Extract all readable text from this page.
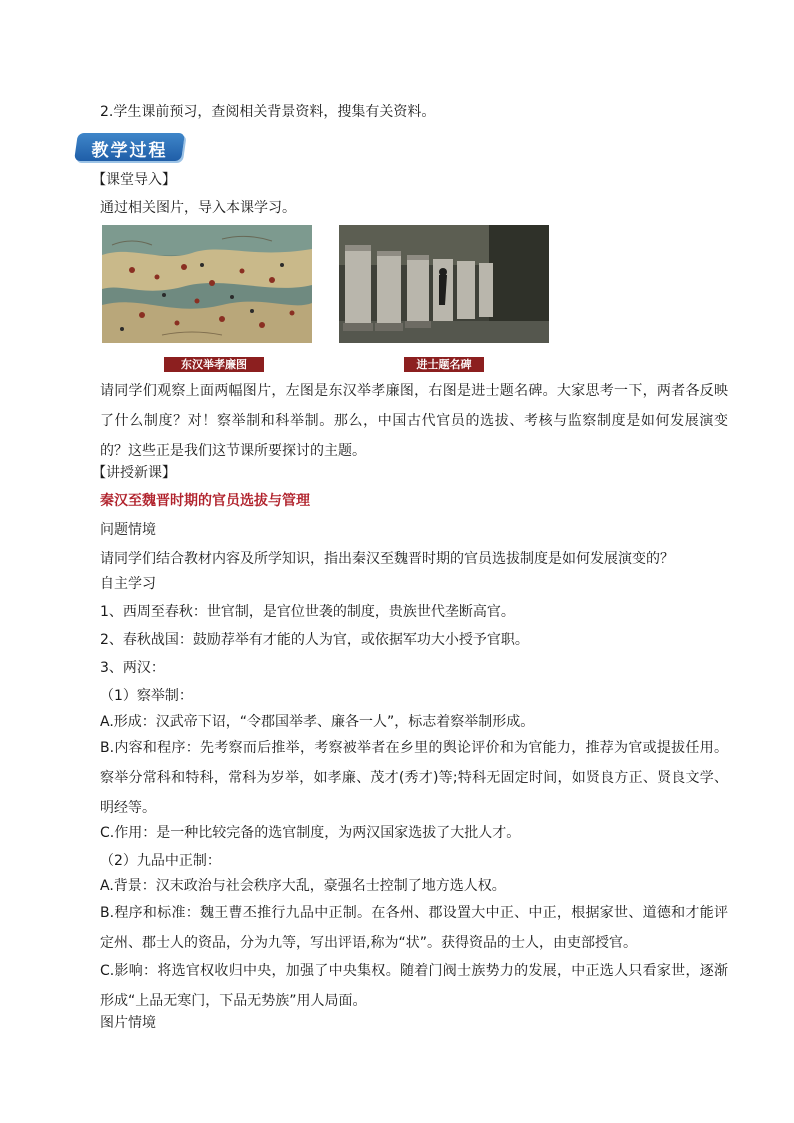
2.学生课前预习，查阅相关背景资料，搜集有关资料。
教学过程
【课堂导入】
通过相关图片，导入本课学习。
东汉举孝廉图	进士题名碑
请同学们观察上面两幅图片，左图是东汉举孝廉图，右图是进士题名碑。大家思考一下，两者各反映了什么制度？对！察举制和科举制。那么，中国古代官员的选拔、考核与监察制度是如何发展演变的？这些正是我们这节课所要探讨的主题。
【讲授新课】
秦汉至魏晋时期的官员选拔与管理
问题情境
请同学们结合教材内容及所学知识，指出秦汉至魏晋时期的官员选拔制度是如何发展演变的？
自主学习
1、西周至春秋：世官制，是官位世袭的制度，贵族世代垄断高官。
2、春秋战国：鼓励荐举有才能的人为官，或依据军功大小授予官职。
3、两汉：
（1）察举制：
A.形成：汉武帝下诏，“令郡国举孝、廉各一人”，标志着察举制形成。
B.内容和程序：先考察而后推举，考察被举者在乡里的舆论评价和为官能力，推荐为官或提拔任用。察举分常科和特科，常科为岁举，如孝廉、茂才(秀才)等;特科无固定时间，如贤良方正、贤良文学、明经等。
C.作用：是一种比较完备的选官制度，为两汉国家选拔了大批人才。
（2）九品中正制：
A.背景：汉末政治与社会秩序大乱，豪强名士控制了地方选人权。
B.程序和标准：魏王曹丕推行九品中正制。在各州、郡设置大中正、中正，根据家世、道德和才能评定州、郡士人的资品，分为九等，写出评语,称为“状”。获得资品的士人，由吏部授官。
C.影响：将选官权收归中央，加强了中央集权。随着门阀士族势力的发展，中正选人只看家世，逐渐形成“上品无寒门，下品无势族”用人局面。
图片情境
